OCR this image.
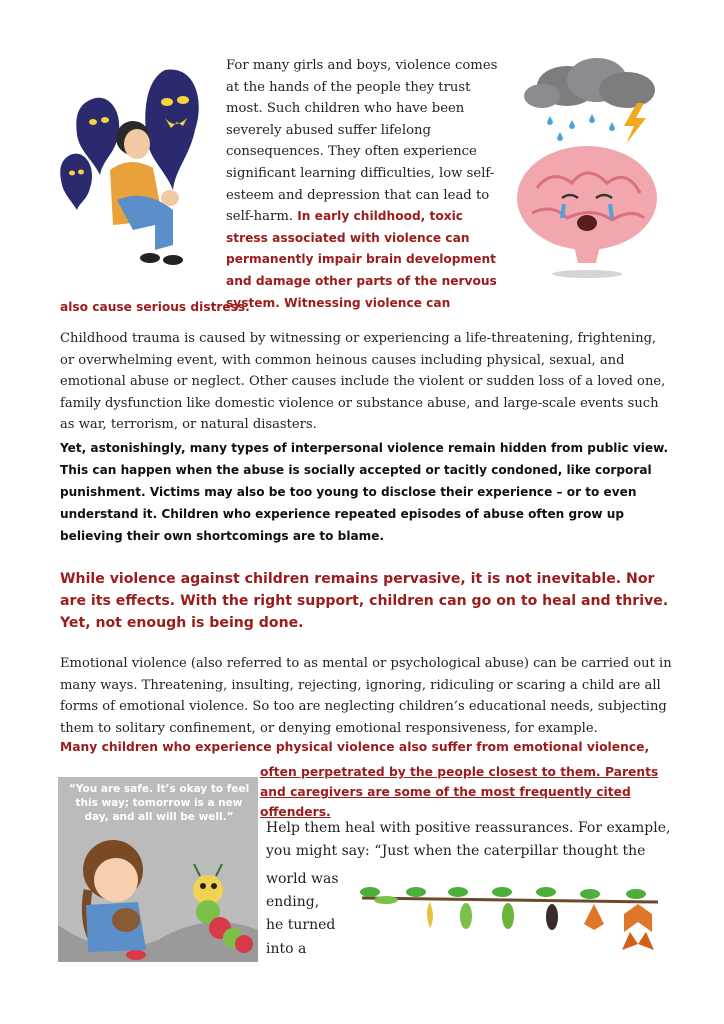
For many girls and boys, violence comes at the hands of the people they trust most. Such children who have been severely abused suffer lifelong consequences. They often experience significant learning difficulties, low self-esteem and depression that can lead to self-harm. In early childhood, toxic stress associated with violence can permanently impair brain development and damage other parts of the nervous system. Witnessing violence can
also cause serious distress.
Childhood trauma is caused by witnessing or experiencing a life-threatening, frightening, or overwhelming event, with common heinous causes including physical, sexual, and emotional abuse or neglect. Other causes include the violent or sudden loss of a loved one, family dysfunction like domestic violence or substance abuse, and large-scale events such as war, terrorism, or natural disasters.
Yet, astonishingly, many types of interpersonal violence remain hidden from public view. This can happen when the abuse is socially accepted or tacitly condoned, like corporal punishment. Victims may also be too young to disclose their experience – or to even understand it. Children who experience repeated episodes of abuse often grow up believing their own shortcomings are to blame.
While violence against children remains pervasive, it is not inevitable. Nor are its effects. With the right support, children can go on to heal and thrive. Yet, not enough is being done.
Emotional violence (also referred to as mental or psychological abuse) can be carried out in many ways. Threatening, insulting, rejecting, ignoring, ridiculing or scaring a child are all forms of emotional violence. So too are neglecting children’s educational needs, subjecting them to solitary confinement, or denying emotional responsiveness, for example.
Many children who experience physical violence also suffer from emotional violence,
often perpetrated by the people closest to them. Parents
and caregivers are some of the most frequently cited
offenders.
“You are safe. It’s okay to feel this way; tomorrow is a new day, and all will be well.”
Help them heal with positive reassurances. For example, you might say: “Just when the caterpillar thought the
world was
ending,
he turned
into a
